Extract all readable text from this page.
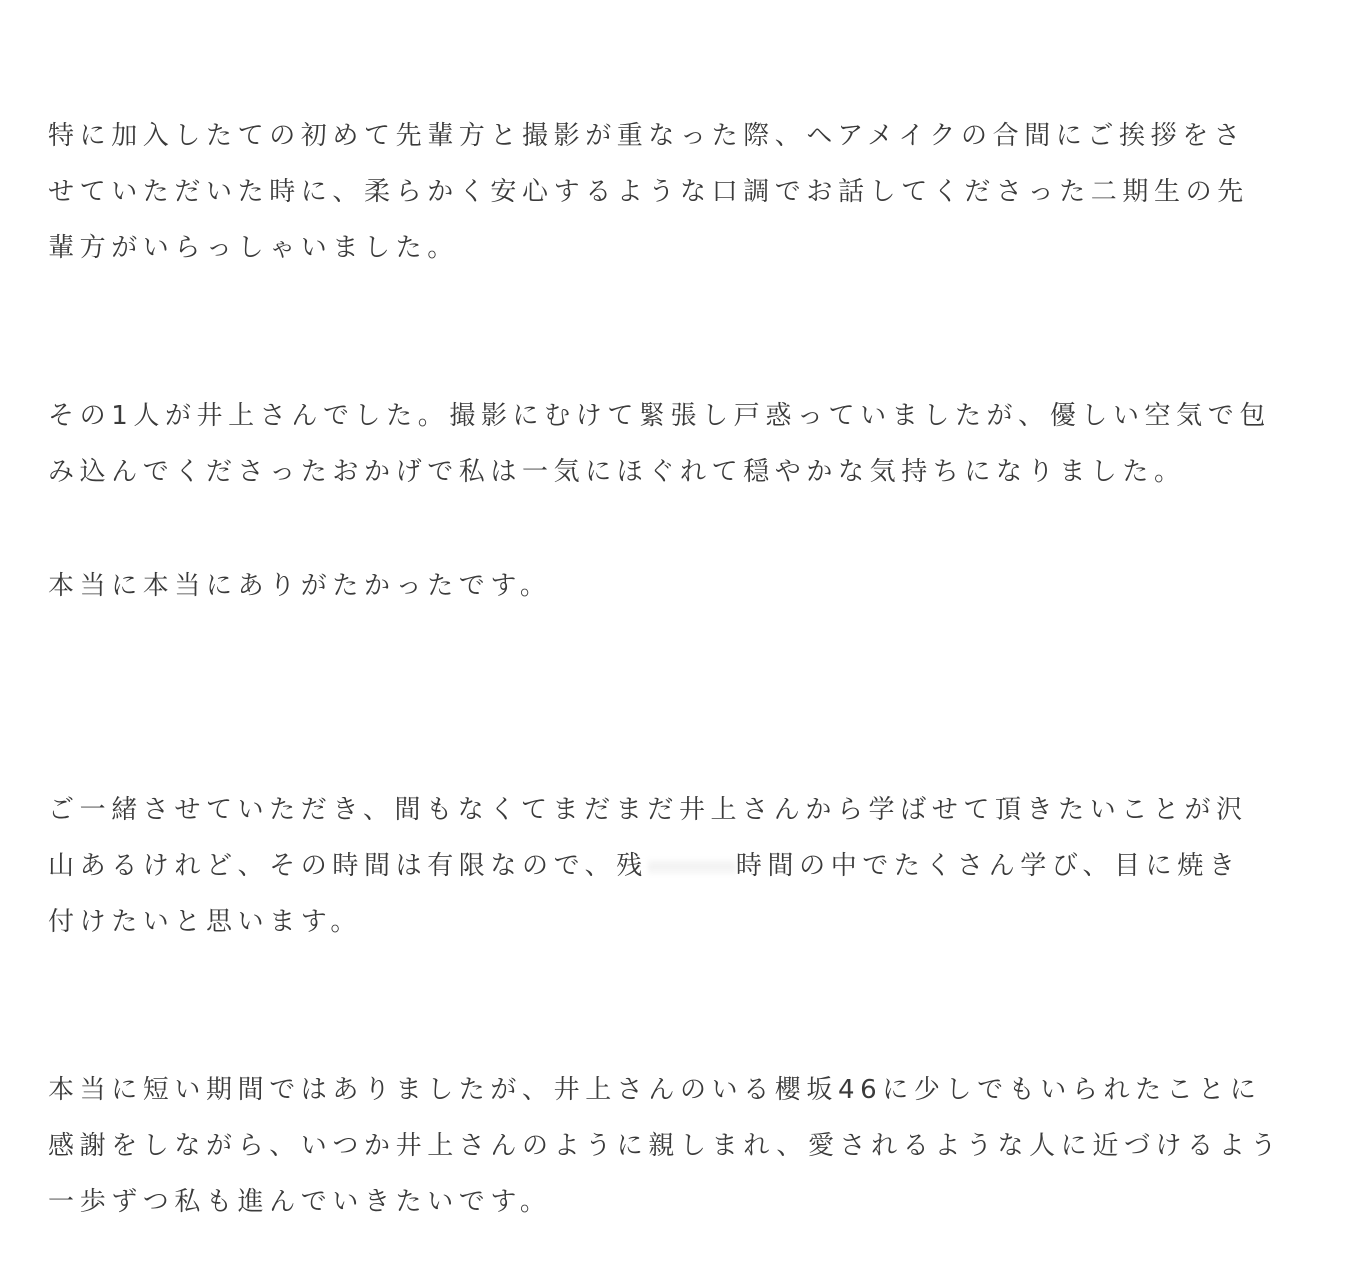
特に加入したての初めて先輩方と撮影が重なった際、ヘアメイクの合間にご挨拶をさ

せていただいた時に、柔らかく安心するような口調でお話してくださった二期生の先

輩方がいらっしゃいました。

その1人が井上さんでした。撮影にむけて緊張し戸惑っていましたが、優しい空気で包

み込んでくださったおかげで私は一気にほぐれて穏やかな気持ちになりました。

本当に本当にありがたかったです。

ご一緒させていただき、間もなくてまだまだ井上さんから学ばせて頂きたいことが沢

山あるけれど、その時間は有限なので、残	時間の中でたくさん学び、目に焼き

付けたいと思います。

本当に短い期間ではありましたが、井上さんのいる櫻坂46に少しでもいられたことに

感謝をしながら、いつか井上さんのように親しまれ、愛されるような人に近づけるよう

一歩ずつ私も進んでいきたいです。
